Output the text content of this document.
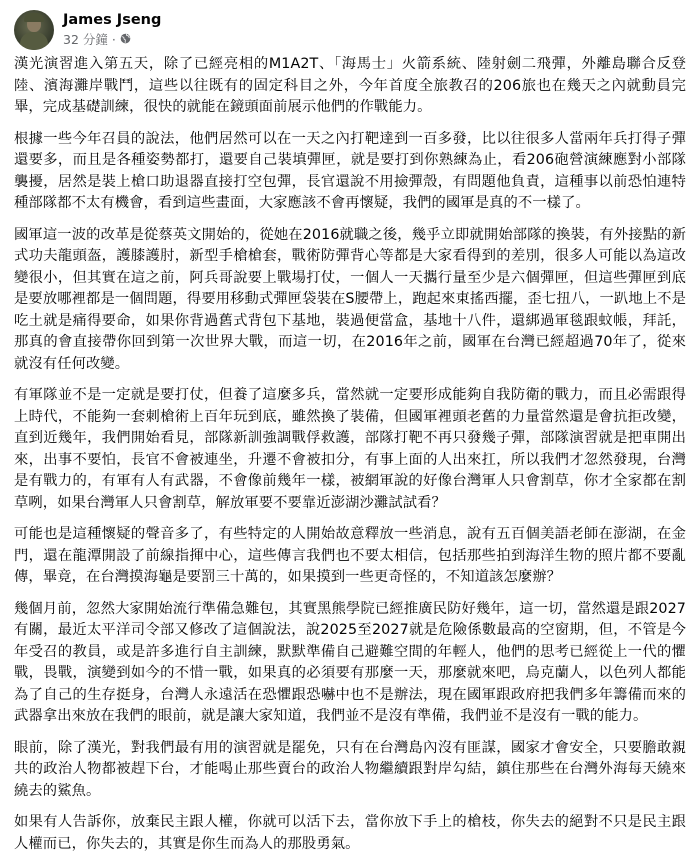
James Jseng
32 分鐘 ·

漢光演習進入第五天，除了已經亮相的M1A2T、「海馬士」火箭系統、陸射劍二飛彈，外離島聯合反登陸、濱海灘岸戰鬥，這些以往既有的固定科目之外，今年首度全旅教召的206旅也在幾天之內就動員完畢，完成基礎訓練，很快的就能在鏡頭面前展示他們的作戰能力。

根據一些今年召員的說法，他們居然可以在一天之內打靶達到一百多發，比以往很多人當兩年兵打得子彈還要多，而且是各種姿勢都打，還要自己裝填彈匣，就是要打到你熟練為止，看206砲營演練應對小部隊襲擾，居然是裝上槍口助退器直接打空包彈，長官還說不用撿彈殼，有問題他負責，這種事以前恐怕連特種部隊都不太有機會，看到這些畫面，大家應該不會再懷疑，我們的國軍是真的不一樣了。

國軍這一波的改革是從蔡英文開始的，從她在2016就職之後，幾乎立即就開始部隊的換裝，有外接點的新式功夫龍頭盔，護膝護肘，新型手槍槍套，戰術防彈背心等都是大家看得到的差別，很多人可能以為這改變很小，但其實在這之前，阿兵哥說要上戰場打仗，一個人一天攜行量至少是六個彈匣，但這些彈匣到底是要放哪裡都是一個問題，得要用移動式彈匣袋裝在S腰帶上，跑起來東搖西擺，歪七扭八，一趴地上不是吃土就是痛得要命，如果你背過舊式背包下基地，裝過便當盒，基地十八件，還綁過軍毯跟蚊帳，拜託，那真的會直接帶你回到第一次世界大戰，而這一切，在2016年之前，國軍在台灣已經超過70年了，從來就沒有任何改變。

有軍隊並不是一定就是要打仗，但養了這麼多兵，當然就一定要形成能夠自我防衛的戰力，而且必需跟得上時代，不能夠一套刺槍術上百年玩到底，雖然換了裝備，但國軍裡頭老舊的力量當然還是會抗拒改變，直到近幾年，我們開始看見，部隊新訓強調戰俘救護，部隊打靶不再只發幾子彈，部隊演習就是把車開出來，出事不要怕，長官不會被連坐，升遷不會被扣分，有事上面的人出來扛，所以我們才忽然發現，台灣是有戰力的，有軍有人有武器，不會像前幾年一樣，被網軍說的好像台灣軍人只會割草，你才全家都在割草咧，如果台灣軍人只會割草，解放軍要不要靠近澎湖沙灘試試看？

可能也是這種懷疑的聲音多了，有些特定的人開始故意釋放一些消息，說有五百個美語老師在澎湖，在金門，還在龍潭開設了前線指揮中心，這些傳言我們也不要太相信，包括那些拍到海洋生物的照片都不要亂傳，畢竟，在台灣摸海龜是要罰三十萬的，如果摸到一些更奇怪的，不知道該怎麼辦？

幾個月前，忽然大家開始流行準備急難包，其實黑熊學院已經推廣民防好幾年，這一切，當然還是跟2027有關，最近太平洋司令部又修改了這個說法，說2025至2027就是危險係數最高的空窗期，但，不管是今年受召的教員，或是許多進行自主訓練，默默準備自己避難空間的年輕人，他們的思考已經從上一代的懼戰，畏戰，演變到如今的不惜一戰，如果真的必須要有那麼一天，那麼就來吧，烏克蘭人，以色列人都能為了自己的生存挺身，台灣人永遠活在恐懼跟恐嚇中也不是辦法，現在國軍跟政府把我們多年籌備而來的武器拿出來放在我們的眼前，就是讓大家知道，我們並不是沒有準備，我們並不是沒有一戰的能力。

眼前，除了漢光，對我們最有用的演習就是罷免，只有在台灣島內沒有匪謀，國家才會安全，只要膽敢親共的政治人物都被趕下台，才能喝止那些賣台的政治人物繼續跟對岸勾結，鎮住那些在台灣外海每天繞來繞去的鯊魚。

如果有人告訴你，放棄民主跟人權，你就可以活下去，當你放下手上的槍枝，你失去的絕對不只是民主跟人權而已，你失去的，其實是你生而為人的那股勇氣。
